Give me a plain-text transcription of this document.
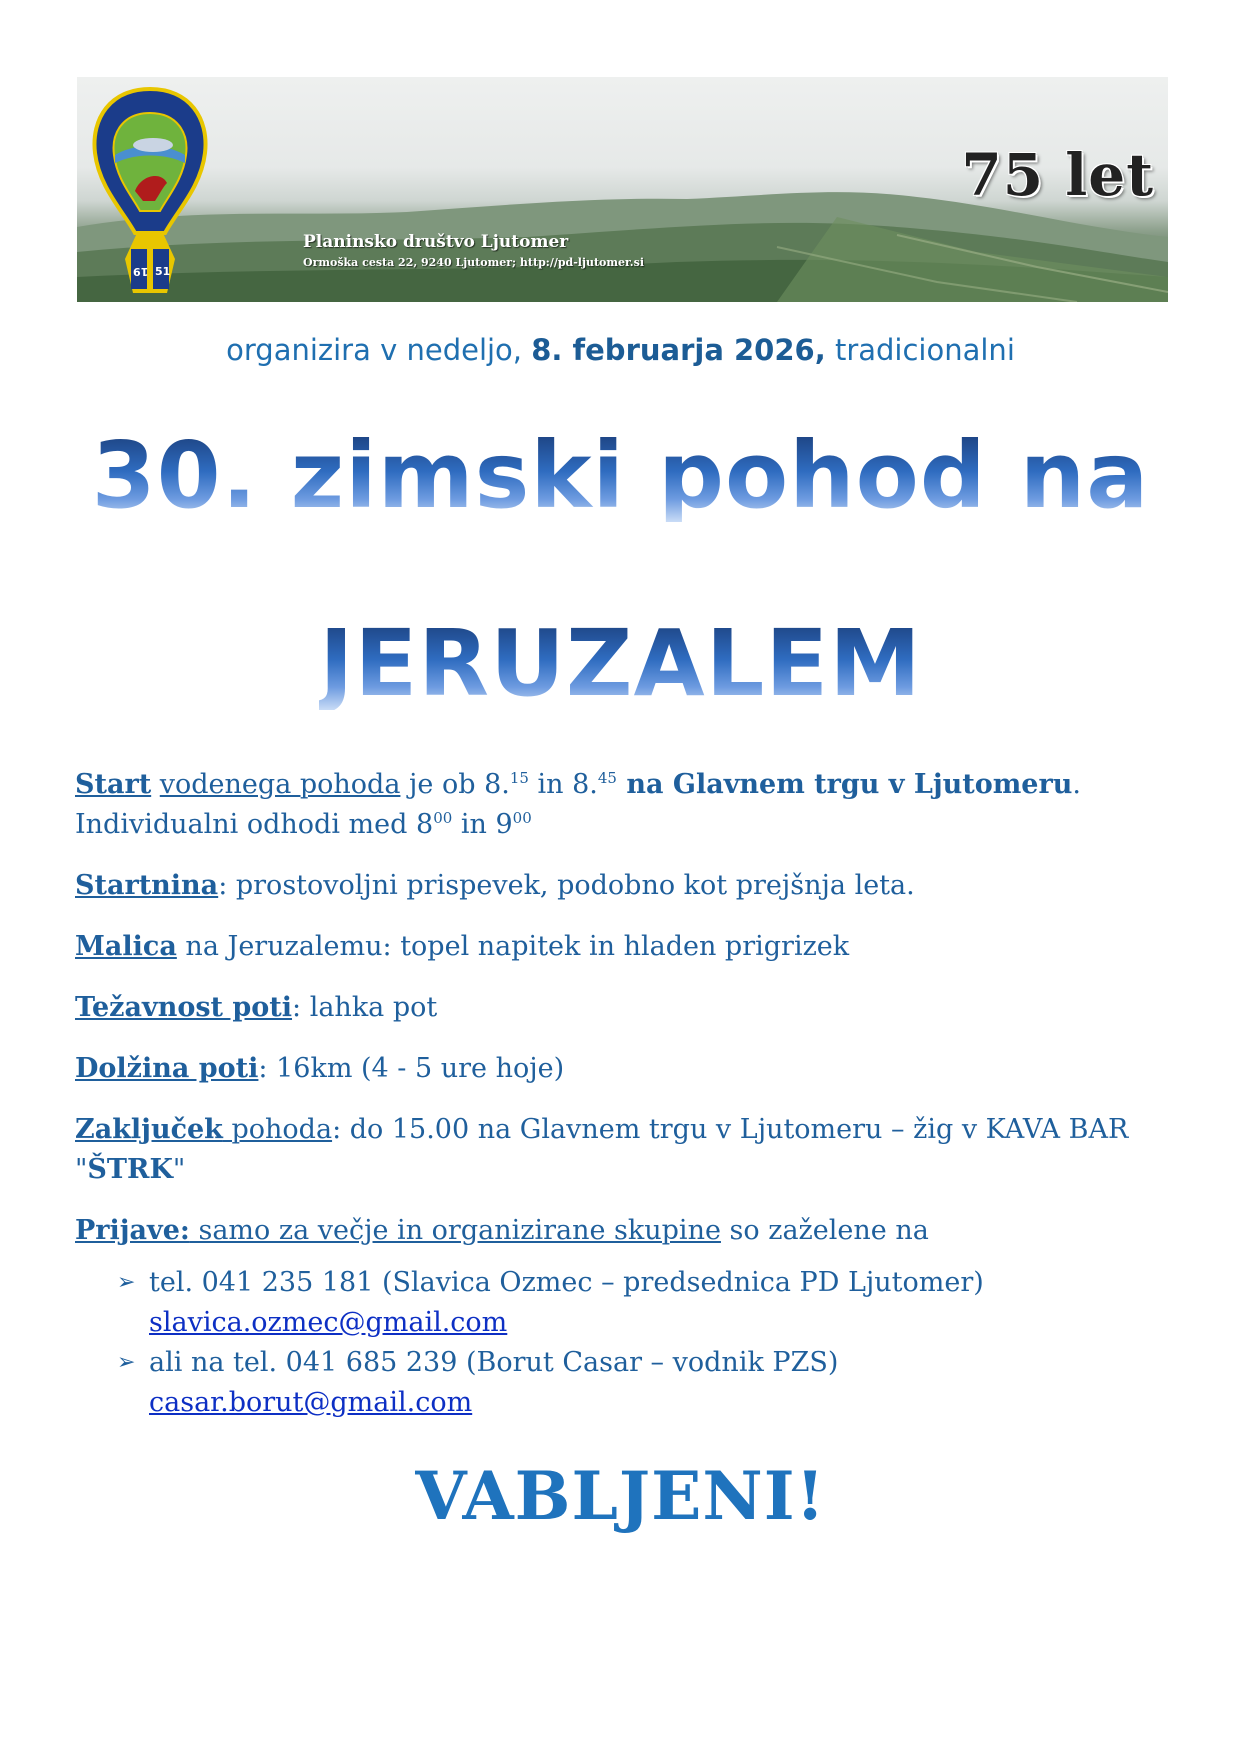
19 51
Planinsko društvo Ljutomer
Ormoška cesta 22, 9240 Ljutomer; http://pd-ljutomer.si
75 let
organizira v nedeljo, 8. februarja 2026, tradicionalni
30. zimski pohod na
30. zimski pohod na
JERUZALEM
JERUZALEM

Start vodenega pohoda je ob 8.15 in 8.45 na Glavnem trgu v Ljutomeru.
Individualni odhodi med $8^{00}$ in $9^{00}$

Startnina: prostovoljni prispevek, podobno kot prejšnja leta.

Malica na Jeruzalemu: topel napitek in hladen prigrizek

Težavnost poti: lahka pot

Dolžina poti: 16km (4 - 5 ure hoje)

Zaključek pohoda: do 15.00 na Glavnem trgu v Ljutomeru – žig v KAVA BAR "ŠTRK"

Prijave: samo za večje in organizirane skupine so zaželene na

➢ tel. 041 235 181 (Slavica Ozmec – predsednica PD Ljutomer)
slavica.ozmec@gmail.com
➢ ali na tel. 041 685 239 (Borut Casar – vodnik PZS)
casar.borut@gmail.com
VABLJENI!
